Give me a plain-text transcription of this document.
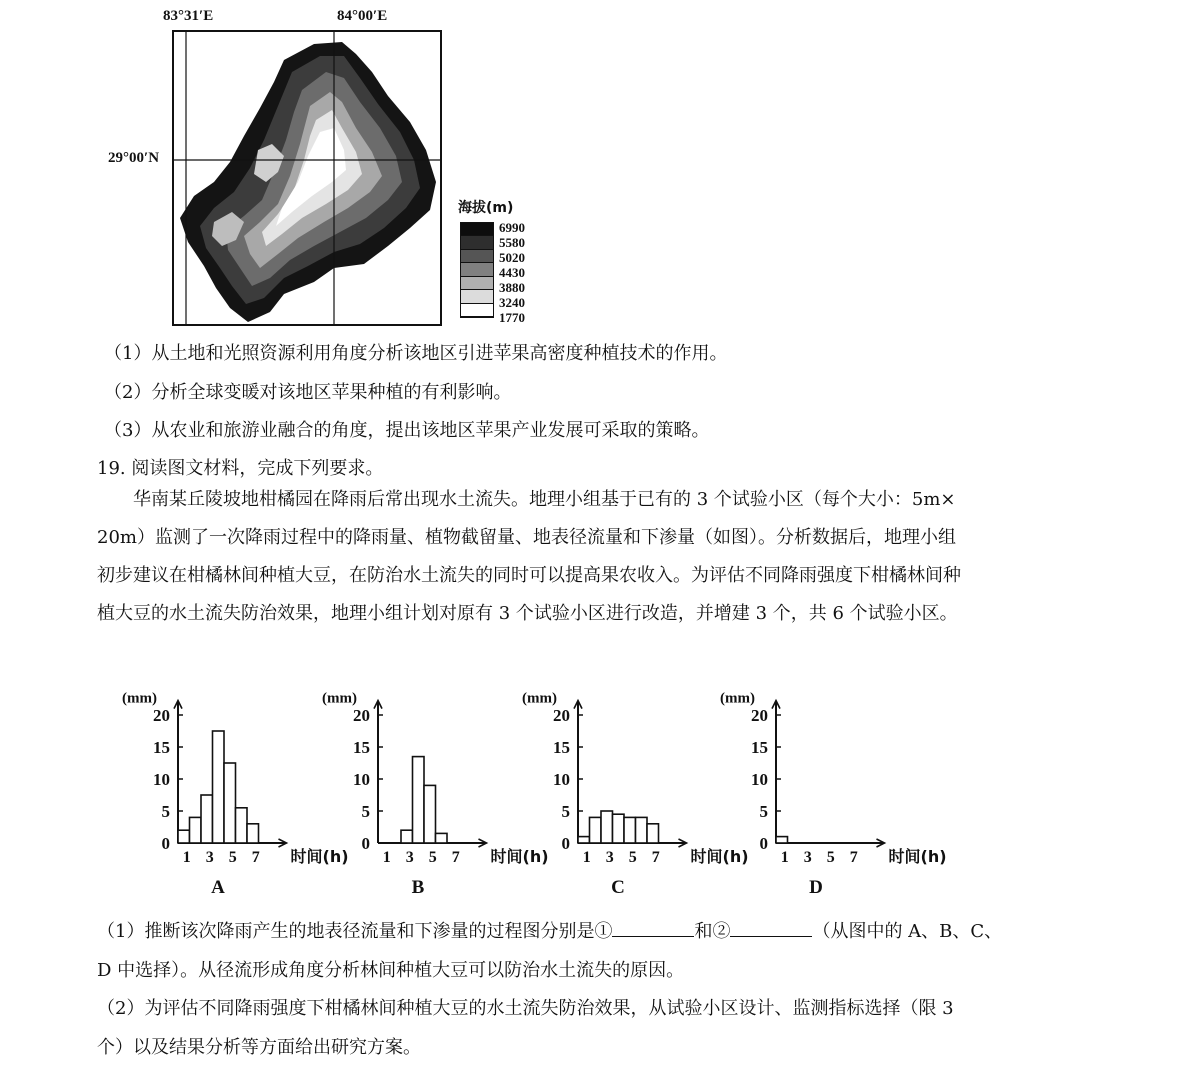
83°31′E	84°00′E
29°00′N
海拔(m)
6990
5580
5020
4430
3880
3240
1770
（1）从土地和光照资源利用角度分析该地区引进苹果高密度种植技术的作用。
（2）分析全球变暖对该地区苹果种植的有利影响。
（3）从农业和旅游业融合的角度，提出该地区苹果产业发展可采取的策略。
19. 阅读图文材料，完成下列要求。
华南某丘陵坡地柑橘园在降雨后常出现水土流失。地理小组基于已有的 3 个试验小区（每个大小：5m×
20m）监测了一次降雨过程中的降雨量、植物截留量、地表径流量和下渗量（如图）。分析数据后，地理小组
初步建议在柑橘林间种植大豆，在防治水土流失的同时可以提高果农收入。为评估不同降雨强度下柑橘林间种
植大豆的水土流失防治效果，地理小组计划对原有 3 个试验小区进行改造，并增建 3 个，共 6 个试验小区。
(mm)
0
5
10
15
20
1 3 5 7 时间(h)
A
(mm)
0
5
10
15
20
1 3 5 7 时间(h)
B
(mm)
0
5
10
15
20
1 3 5 7 时间(h)
C
(mm)
0
5
10
15
20
1 3 5 7 时间(h)
D
（1）推断该次降雨产生的地表径流量和下渗量的过程图分别是①	和②	（从图中的 A、B、C、
D 中选择）。从径流形成角度分析林间种植大豆可以防治水土流失的原因。
（2）为评估不同降雨强度下柑橘林间种植大豆的水土流失防治效果，从试验小区设计、监测指标选择（限 3
个）以及结果分析等方面给出研究方案。
